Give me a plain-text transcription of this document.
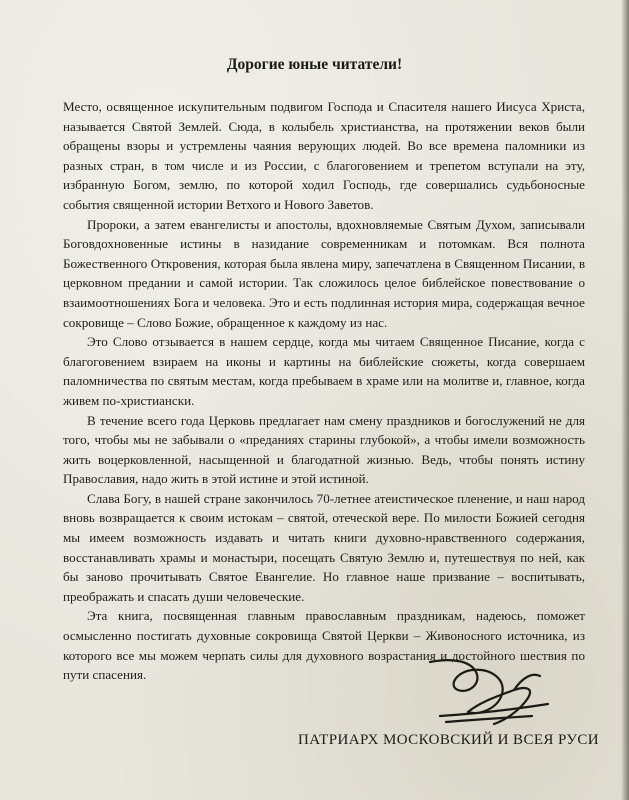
Дорогие юные читатели!

Место, освященное искупительным подвигом Господа и Спасителя нашего Иисуса Христа, называется Святой Землей. Сюда, в колыбель христианства, на протяжении веков были обращены взоры и устремлены чаяния верующих людей. Во все времена паломники из разных стран, в том числе и из России, с благоговением и трепетом вступали на эту, избранную Богом, землю, по которой ходил Господь, где совершались судьбоносные события священной истории Ветхого и Нового Заветов.

Пророки, а затем евангелисты и апостолы, вдохновляемые Святым Духом, записывали Боговдохновенные истины в назидание современникам и потомкам. Вся полнота Божественного Откровения, которая была явлена миру, запечатлена в Священном Писании, в церковном предании и самой истории. Так сложилось целое библейское повествование о взаимоотношениях Бога и человека. Это и есть подлинная история мира, содержащая вечное сокровище – Слово Божие, обращенное к каждому из нас.

Это Слово отзывается в нашем сердце, когда мы читаем Священное Писание, когда с благоговением взираем на иконы и картины на библейские сюжеты, когда совершаем паломничества по святым местам, когда пребываем в храме или на молитве и, главное, когда живем по-христиански.

В течение всего года Церковь предлагает нам смену праздников и богослужений не для того, чтобы мы не забывали о «преданиях старины глубокой», а чтобы имели возможность жить воцерковленной, насыщенной и благодатной жизнью. Ведь, чтобы понять истину Православия, надо жить в этой истине и этой истиной.

Слава Богу, в нашей стране закончилось 70-летнее атеистическое пленение, и наш народ вновь возвращается к своим истокам – святой, отеческой вере. По милости Божией сегодня мы имеем возможность издавать и читать книги духовно-нравственного содержания, восстанавливать храмы и монастыри, посещать Святую Землю и, путешествуя по ней, как бы заново прочитывать Святое Евангелие. Но главное наше призвание – воспитывать, преображать и спасать души человеческие.

Эта книга, посвященная главным православным праздникам, надеюсь, поможет осмысленно постигать духовные сокровища Святой Церкви – Живоносного источника, из которого все мы можем черпать силы для духовного возрастания и достойного шествия по пути спасения.

ПАТРИАРХ МОСКОВСКИЙ И ВСЕЯ РУСИ
